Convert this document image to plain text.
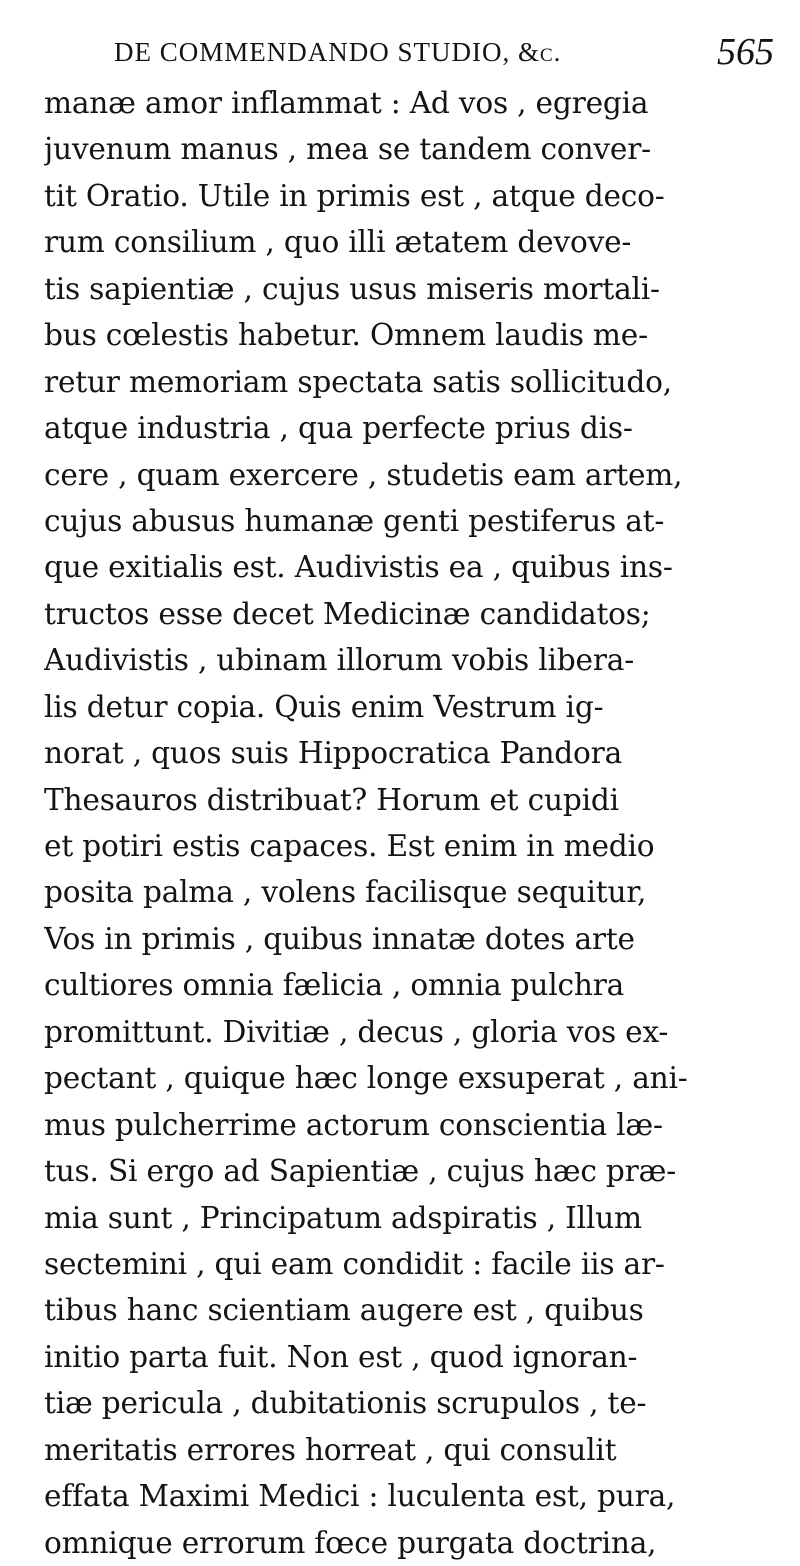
DE COMMENDANDO STUDIO, &c.	565
manæ amor inflammat : Ad vos , egregia
juvenum manus , mea se tandem conver-
tit Oratio. Utile in primis est , atque deco-
rum consilium , quo illi ætatem devove-
tis sapientiæ , cujus usus miseris mortali-
bus cœlestis habetur. Omnem laudis me-
retur memoriam spectata satis sollicitudo,
atque industria , qua perfecte prius dis-
cere , quam exercere , studetis eam artem,
cujus abusus humanæ genti pestiferus at-
que exitialis est. Audivistis ea , quibus ins-
tructos esse decet Medicinæ candidatos;
Audivistis , ubinam illorum vobis libera-
lis detur copia. Quis enim Vestrum ig-
norat , quos suis Hippocratica Pandora
Thesauros distribuat? Horum et cupidi
et potiri estis capaces. Est enim in medio
posita palma , volens facilisque sequitur,
Vos in primis , quibus innatæ dotes arte
cultiores omnia fælicia , omnia pulchra
promittunt. Divitiæ , decus , gloria vos ex-
pectant , quique hæc longe exsuperat , ani-
mus pulcherrime actorum conscientia læ-
tus. Si ergo ad Sapientiæ , cujus hæc præ-
mia sunt , Principatum adspiratis , Illum
sectemini , qui eam condidit : facile iis ar-
tibus hanc scientiam augere est , quibus
initio parta fuit. Non est , quod ignoran-
tiæ pericula , dubitationis scrupulos , te-
meritatis errores horreat , qui consulit
effata Maximi Medici : luculenta est, pura,
omnique errorum fœce purgata doctrina,
